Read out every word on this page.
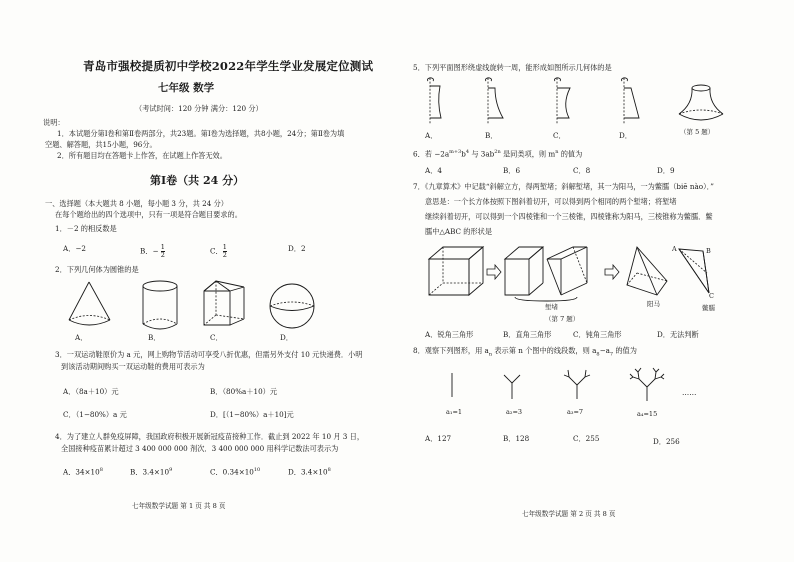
青岛市强校提质初中学校2022年学生学业发展定位测试
七年级 数学
（考试时间：120 分钟 满分：120 分）
说明：
1．本试题分第Ⅰ卷和第Ⅱ卷两部分，共23题。第Ⅰ卷为选择题，共8小题，24分；第Ⅱ卷为填
空题、解答题，共15小题，96分。
2．所有题目均在答题卡上作答，在试题上作答无效。
第Ⅰ卷（共 24 分）
一、选择题（本大题共 8 小题，每小题 3 分，共 24 分）
在每个题给出的四个选项中，只有一项是符合题目要求的。
1．－2 的相反数是
A．−2	B．− $\frac{1}{2}$	C． $\frac{1}{2}$	D．2
2．下列几何体为圆锥的是
A．	B．	C．	D．
3．一双运动鞋原价为 a 元，网上购物节活动可享受八折优惠，但需另外支付 10 元快递费．小明
到该活动期间购买一双运动鞋的费用可表示为
A．（8a＋10）元	B．（80%a＋10）元
C．（1−80%）a 元	D．[（1−80%）a＋10]元
4．为了建立人群免疫屏障，我国政府积极开展新冠疫苗接种工作．截止到 2022 年 10 月 3 日，
全国接种疫苗累计超过 3 400 000 000 剂次．3 400 000 000 用科学记数法可表示为
A．$34\times 10^8$	B．$3.4\times 10^9$	C．$0.34\times 10^{10}$	D．$3.4\times 10^8$
七年级数学试题 第 1 页 共 8 页
5．下列平面图形绕虚线旋转一周，能形成如图所示几何体的是
A．	B．	C．	D．	（第 5 题）
6．若 $-2a^{m+3}b^4$ 与 $3ab^{2n}$ 是同类项，则 $m^n$ 的值为
A．4	B．6	C．8	D．9
7．《九章算术》中记载“斜解立方，得两堑堵；斜解堑堵，其一为阳马，一为鳖臑（biē nào）．”
意思是：一个长方体按照下图斜着切开，可以得到两个相同的两个堑堵；将堑堵
继续斜着切开，可以得到一个四棱锥和一个三棱锥，四棱锥称为阳马，三棱锥称为鳖臑．鳖
臑中△ABC 的形状是
A	B
C
堑堵	阳马	鳖臑
（第 7 题）
A．锐角三角形	B．直角三角形	C．钝角三角形	D．无法判断
8．观察下列图形，用 $a_n$ 表示第 n 个图中的线段数，则 $a_8-a_7$ 的值为
……
a₁=1	a₂=3	a₃=7	a₄=15
A．127	B．128	C．255	D．256
七年级数学试题 第 2 页 共 8 页
